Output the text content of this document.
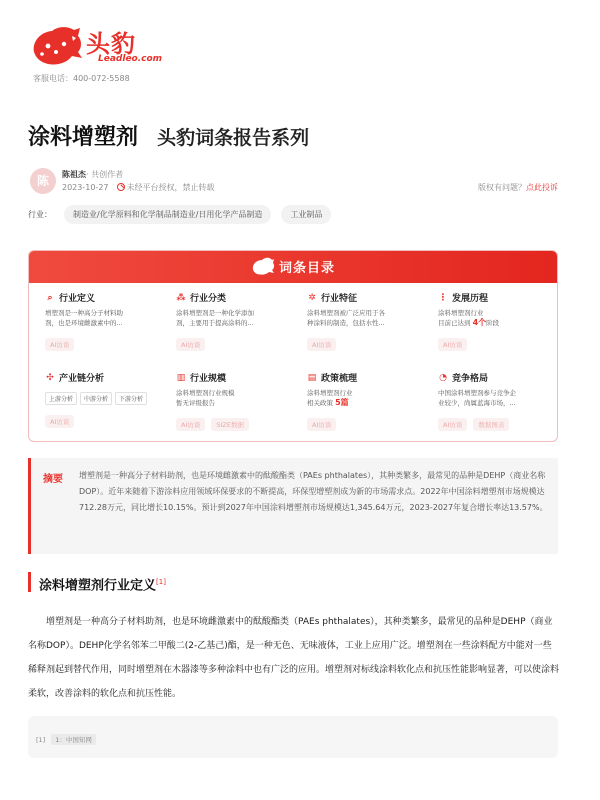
头豹
Leadleo.com
客服电话：400-072-5588
涂料增塑剂 头豹词条报告系列
陈	陈祖杰· 共创作者
2023-10-27 未经平台授权，禁止转载	版权有问题？点此投诉
行业：	制造业/化学原料和化学制品制造业/日用化学产品制造	工业制品
词条目录
⌕ 行业定义
增塑剂是一种高分子材料助
剂，也是环境雌激素中的...
AI访谈
⁂ 行业分类
涂料增塑剂是一种化学添加
剂，主要用于提高涂料的...
AI访谈
✲ 行业特征
涂料增塑剂被广泛应用于各
种涂料的制造，包括水性...
AI访谈
⋮ 发展历程
涂料增塑剂行业
目前已达到 4个阶段
AI访谈
✣ 产业链分析
上游分析 中游分析 下游分析
AI访谈
▥ 行业规模
涂料增塑剂行业规模
暂无评级报告
AI访谈 SIZE数据
▤ 政策梳理
涂料增塑剂行业
相关政策 5篇
AI访谈
◔ 竞争格局
中国涂料增塑剂参与竞争企
业较少，尚属蓝海市场，...
AI访谈 数据图表
摘要 增塑剂是一种高分子材料助剂，也是环境雌激素中的酞酸酯类（PAEs phthalates），其种类繁多，最常见的品种是DEHP（商业名称DOP）。近年来随着下游涂料应用领域环保要求的不断提高，环保型增塑剂成为新的市场需求点。2022年中国涂料增塑剂市场规模达712.28万元，同比增长10.15%。预计到2027年中国涂料增塑剂市场规模达1,345.64万元，2023-2027年复合增长率达13.57%。

涂料增塑剂行业定义[1]

增塑剂是一种高分子材料助剂，也是环境雌激素中的酞酸酯类（PAEs phthalates），其种类繁多，最常见的品种是DEHP（商业名称DOP）。DEHP化学名邻苯二甲酸二(2-乙基己)酯，是一种无色、无味液体，工业上应用广泛。增塑剂在一些涂料配方中能对一些稀释剂起到替代作用，同时增塑剂在木器漆等多种涂料中也有广泛的应用。增塑剂对标线涂料软化点和抗压性能影响显著，可以使涂料柔软，改善涂料的软化点和抗压性能。

[1] 1：中国知网
